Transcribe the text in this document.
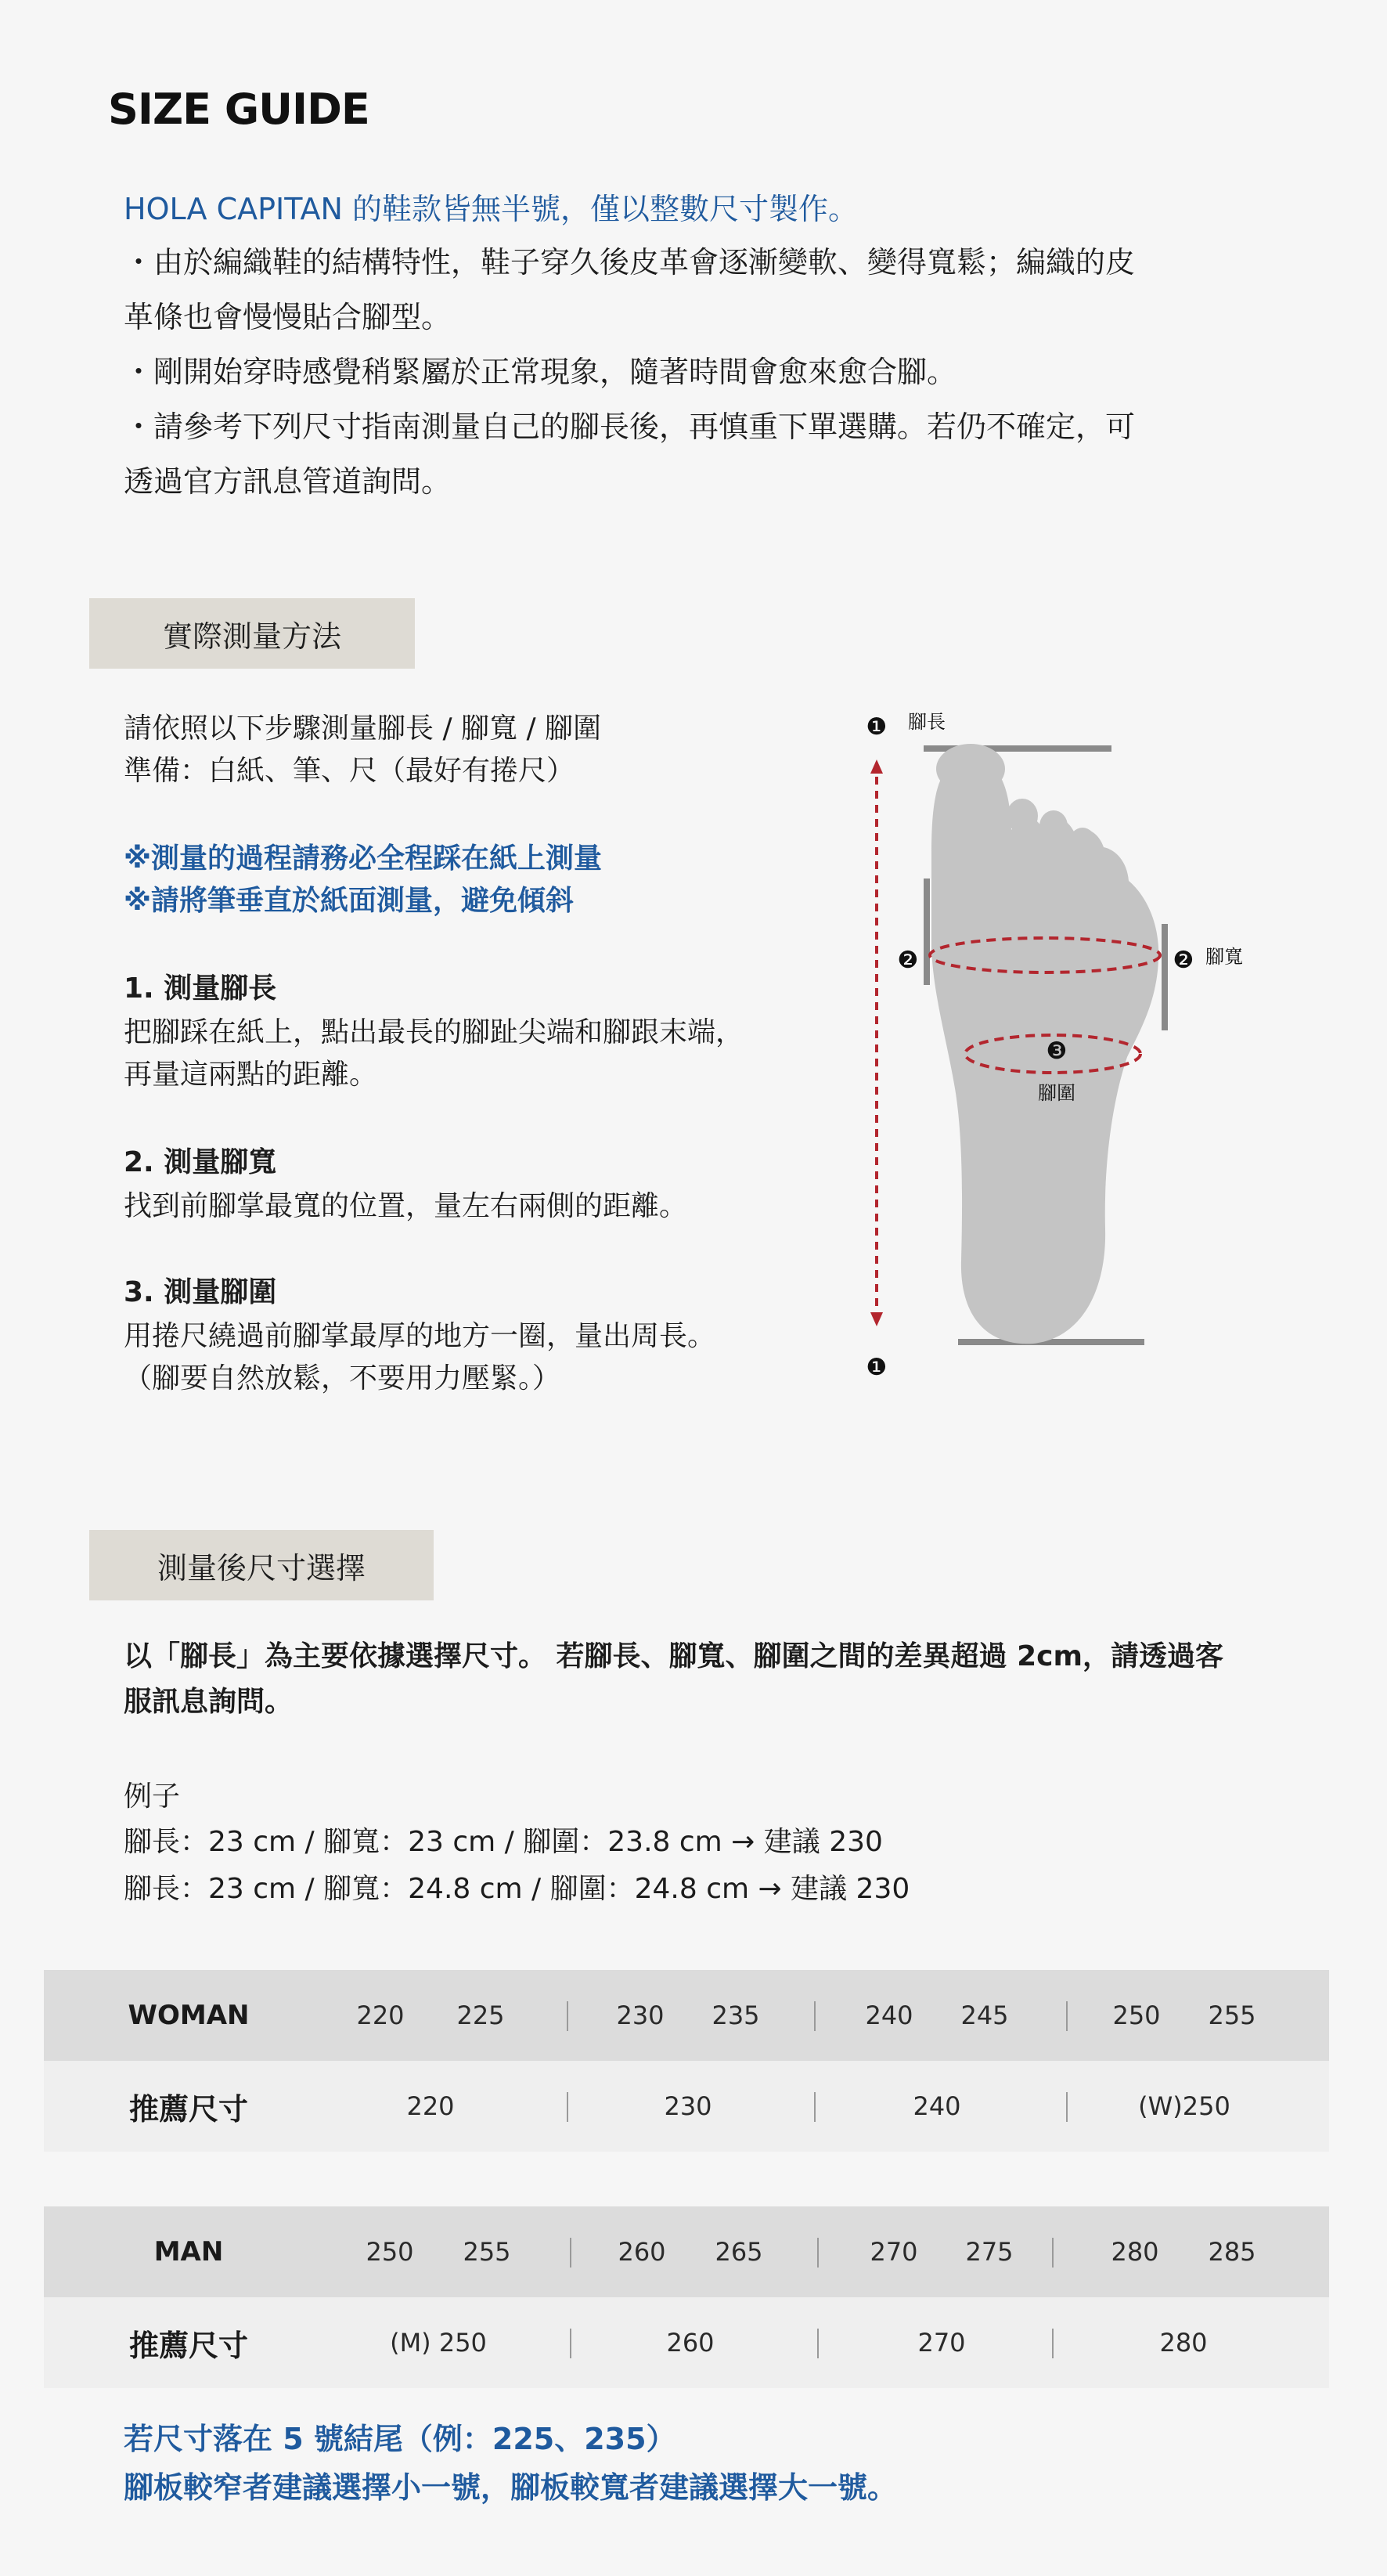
SIZE GUIDE
HOLA CAPITAN 的鞋款皆無半號，僅以整數尺寸製作。
・由於編織鞋的結構特性，鞋子穿久後皮革會逐漸變軟、變得寬鬆；編織的皮
革條也會慢慢貼合腳型。
・剛開始穿時感覺稍緊屬於正常現象，隨著時間會愈來愈合腳。
・請參考下列尺寸指南測量自己的腳長後，再慎重下單選購。若仍不確定，可
透過官方訊息管道詢問。
實際測量方法
請依照以下步驟測量腳長 / 腳寬 / 腳圍
準備：白紙、筆、尺（最好有捲尺）
※測量的過程請務必全程踩在紙上測量
※請將筆垂直於紙面測量，避免傾斜
1. 測量腳長
把腳踩在紙上，點出最長的腳趾尖端和腳跟末端，
再量這兩點的距離。
2. 測量腳寬
找到前腳掌最寬的位置，量左右兩側的距離。
3. 測量腳圍
用捲尺繞過前腳掌最厚的地方一圈，量出周長。
（腳要自然放鬆，不要用力壓緊。）
❶ 腳長
❷	❷ 腳寬
❸
腳圍
❶
測量後尺寸選擇
以「腳長」為主要依據選擇尺寸。 若腳長、腳寬、腳圍之間的差異超過 2cm，請透過客
服訊息詢問。
例子
腳長：23 cm / 腳寬：23 cm / 腳圍：23.8 cm → 建議 230
腳長：23 cm / 腳寬：24.8 cm / 腳圍：24.8 cm → 建議 230
WOMAN	220	225	230	235	240	245	250	255
推薦尺寸	220	230	240	(W)250
MAN	250	255	260	265	270	275	280	285
推薦尺寸	(M) 250	260	270	280
若尺寸落在 5 號結尾（例：225、235）
腳板較窄者建議選擇小一號，腳板較寬者建議選擇大一號。
